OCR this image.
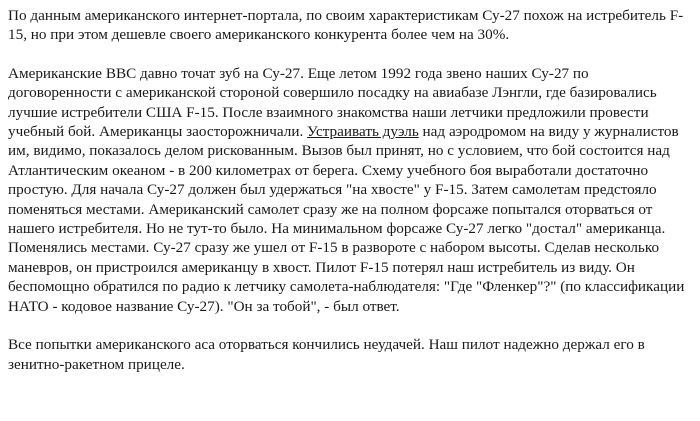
По данным американского интернет-портала, по своим характеристикам Су-27 похож на истребитель F-15, но при этом дешевле своего американского конкурента более чем на 30%.

Американские ВВС давно точат зуб на Су-27. Еще летом 1992 года звено наших Су-27 по договоренности с американской стороной совершило посадку на авиабазе Лэнгли, где базировались лучшие истребители США F-15. После взаимного знакомства наши летчики предложили провести учебный бой. Американцы заосторожничали. Устраивать дуэль над аэродромом на виду у журналистов им, видимо, показалось делом рискованным. Вызов был принят, но с условием, что бой состоится над Атлантическим океаном - в 200 километрах от берега. Схему учебного боя выработали достаточно простую. Для начала Су-27 должен был удержаться "на хвосте" у F-15. Затем самолетам предстояло поменяться местами. Американский самолет сразу же на полном форсаже попытался оторваться от нашего истребителя. Но не тут-то было. На минимальном форсаже Су-27 легко "достал" американца. Поменялись местами. Су-27 сразу же ушел от F-15 в развороте с набором высоты. Сделав несколько маневров, он пристроился американцу в хвост. Пилот F-15 потерял наш истребитель из виду. Он беспомощно обратился по радио к летчику самолета-наблюдателя: "Где "Фленкер"?" (по классификации НАТО - кодовое название Су-27). "Он за тобой", - был ответ.

Все попытки американского аса оторваться кончились неудачей. Наш пилот надежно держал его в зенитно-ракетном прицеле.
